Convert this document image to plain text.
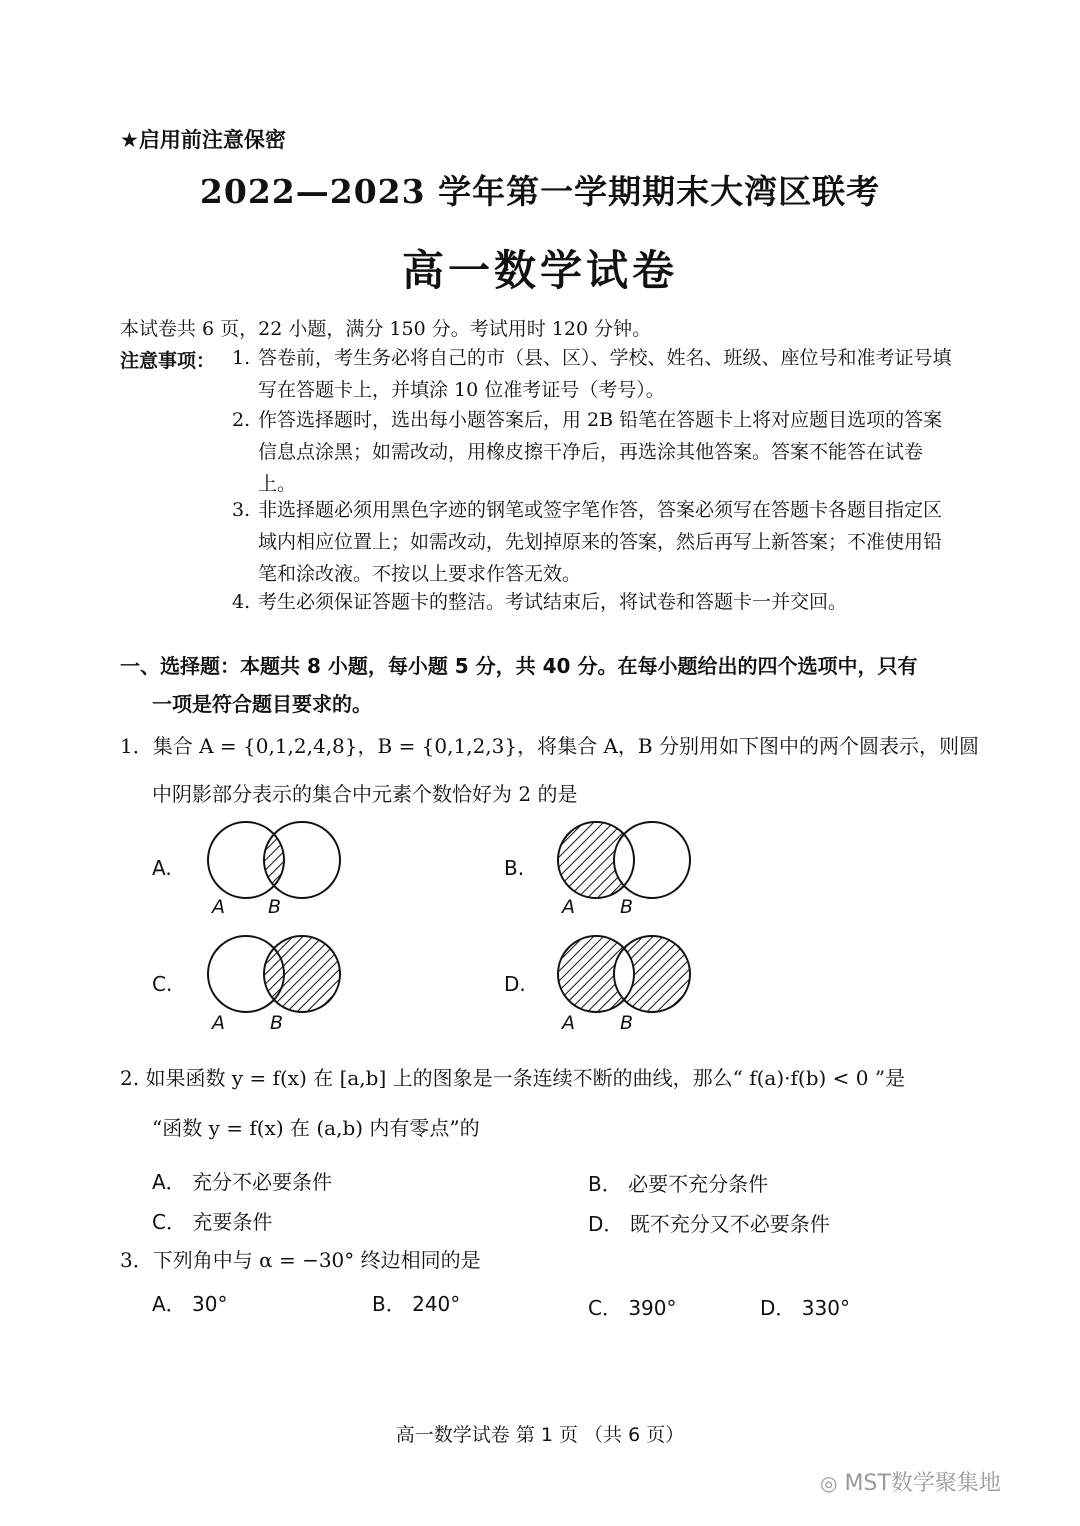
★启用前注意保密
2022—2023 学年第一学期期末大湾区联考
高一数学试卷
本试卷共 6 页，22 小题，满分 150 分。考试用时 120 分钟。
注意事项： 1. 答卷前，考生务必将自己的市（县、区）、学校、姓名、班级、座位号和准考证号填写在答题卡上，并填涂 10 位准考证号（考号）。
2. 作答选择题时，选出每小题答案后，用 2B 铅笔在答题卡上将对应题目选项的答案信息点涂黑；如需改动，用橡皮擦干净后，再选涂其他答案。答案不能答在试卷上。
3. 非选择题必须用黑色字迹的钢笔或签字笔作答，答案必须写在答题卡各题目指定区域内相应位置上；如需改动，先划掉原来的答案，然后再写上新答案；不准使用铅笔和涂改液。不按以上要求作答无效。
4. 考生必须保证答题卡的整洁。考试结束后，将试卷和答题卡一并交回。
一、选择题：本题共 8 小题，每小题 5 分，共 40 分。在每小题给出的四个选项中，只有
一项是符合题目要求的。
1．集合 A = {0,1,2,4,8}，B = {0,1,2,3}，将集合 A，B 分别用如下图中的两个圆表示，则圆
中阴影部分表示的集合中元素个数恰好为 2 的是
A.
A B
B.
A B
C.
A B
D.
A B
2. 如果函数 y = f(x) 在 [a,b] 上的图象是一条连续不断的曲线，那么“ f(a)·f(b) < 0 ”是
“函数 y = f(x) 在 (a,b) 内有零点”的
A． 充分不必要条件	B． 必要不充分条件
C． 充要条件	D． 既不充分又不必要条件
3．下列角中与 α = −30° 终边相同的是
A． 30°	B． 240°	C． 390°	D． 330°
高一数学试卷 第 1 页 （共 6 页）
◎ MST数学聚集地
